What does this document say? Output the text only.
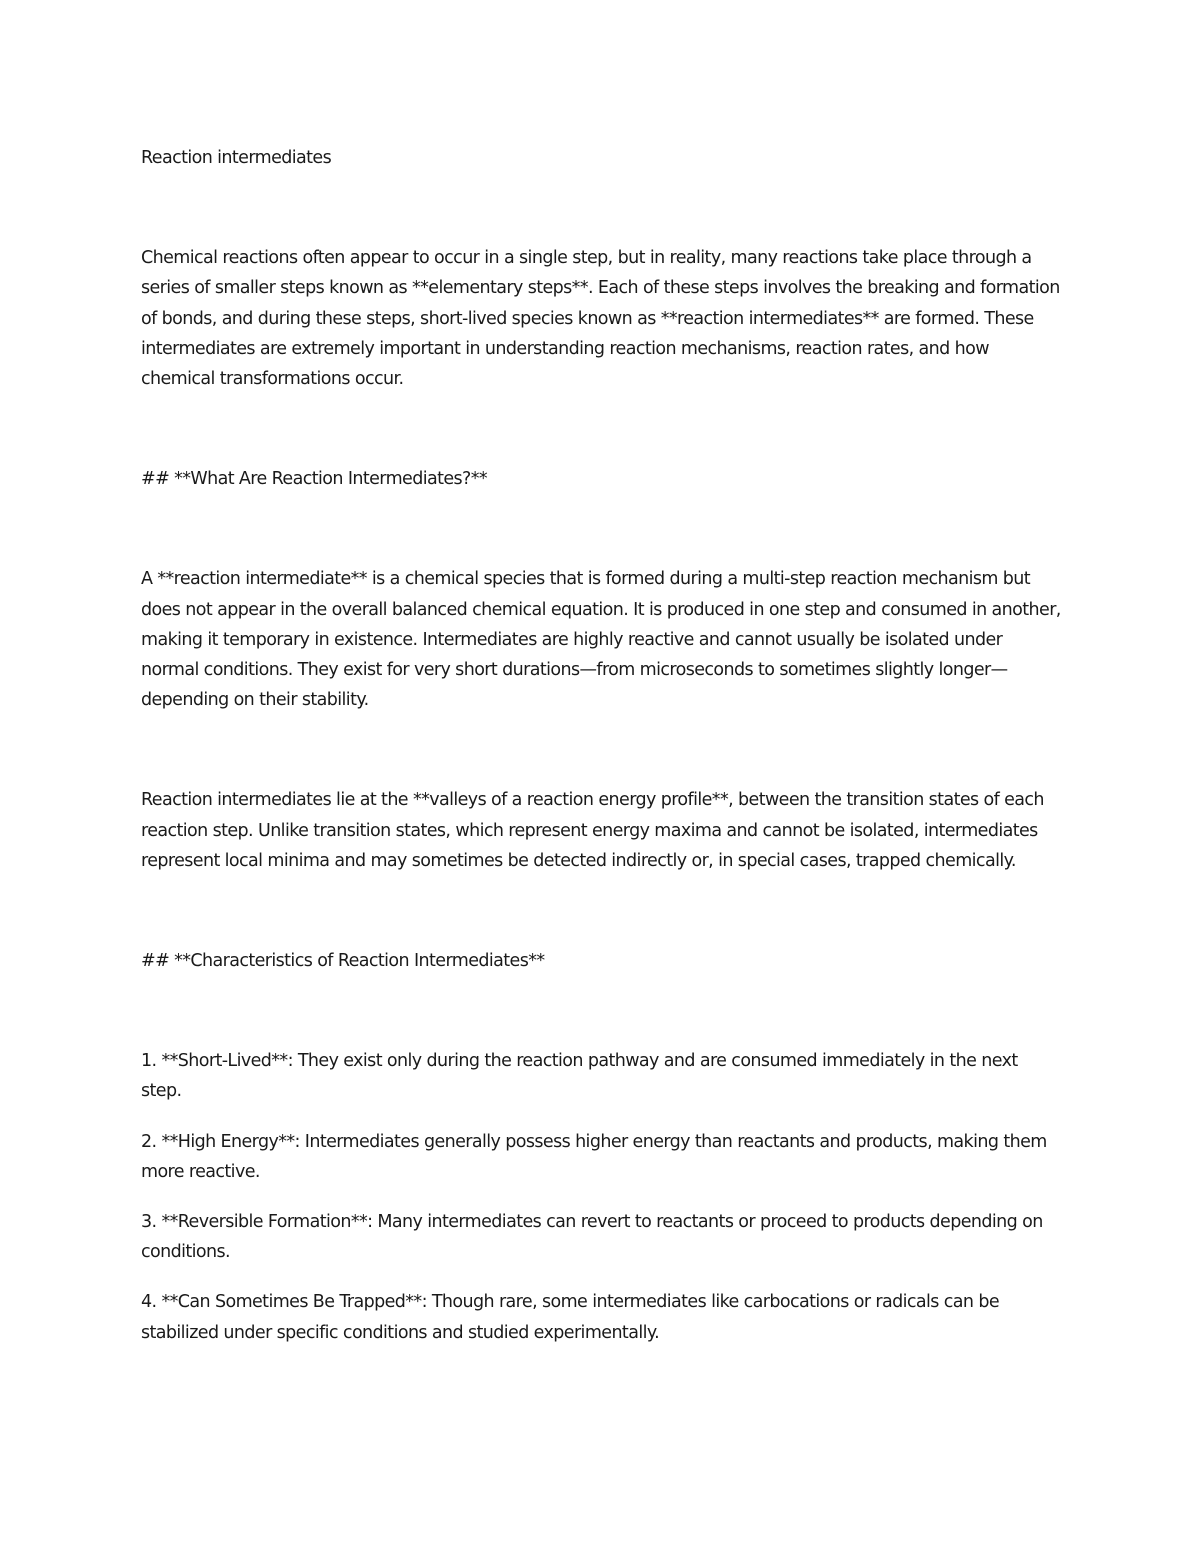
Reaction intermediates

Chemical reactions often appear to occur in a single step, but in reality, many reactions take place through a series of smaller steps known as **elementary steps**. Each of these steps involves the breaking and formation of bonds, and during these steps, short-lived species known as **reaction intermediates** are formed. These intermediates are extremely important in understanding reaction mechanisms, reaction rates, and how chemical transformations occur.

## **What Are Reaction Intermediates?**

A **reaction intermediate** is a chemical species that is formed during a multi-step reaction mechanism but does not appear in the overall balanced chemical equation. It is produced in one step and consumed in another, making it temporary in existence. Intermediates are highly reactive and cannot usually be isolated under normal conditions. They exist for very short durations—from microseconds to sometimes slightly longer—depending on their stability.

Reaction intermediates lie at the **valleys of a reaction energy profile**, between the transition states of each reaction step. Unlike transition states, which represent energy maxima and cannot be isolated, intermediates represent local minima and may sometimes be detected indirectly or, in special cases, trapped chemically.

## **Characteristics of Reaction Intermediates**

1. **Short-Lived**: They exist only during the reaction pathway and are consumed immediately in the next step.

2. **High Energy**: Intermediates generally possess higher energy than reactants and products, making them more reactive.

3. **Reversible Formation**: Many intermediates can revert to reactants or proceed to products depending on conditions.

4. **Can Sometimes Be Trapped**: Though rare, some intermediates like carbocations or radicals can be stabilized under specific conditions and studied experimentally.
